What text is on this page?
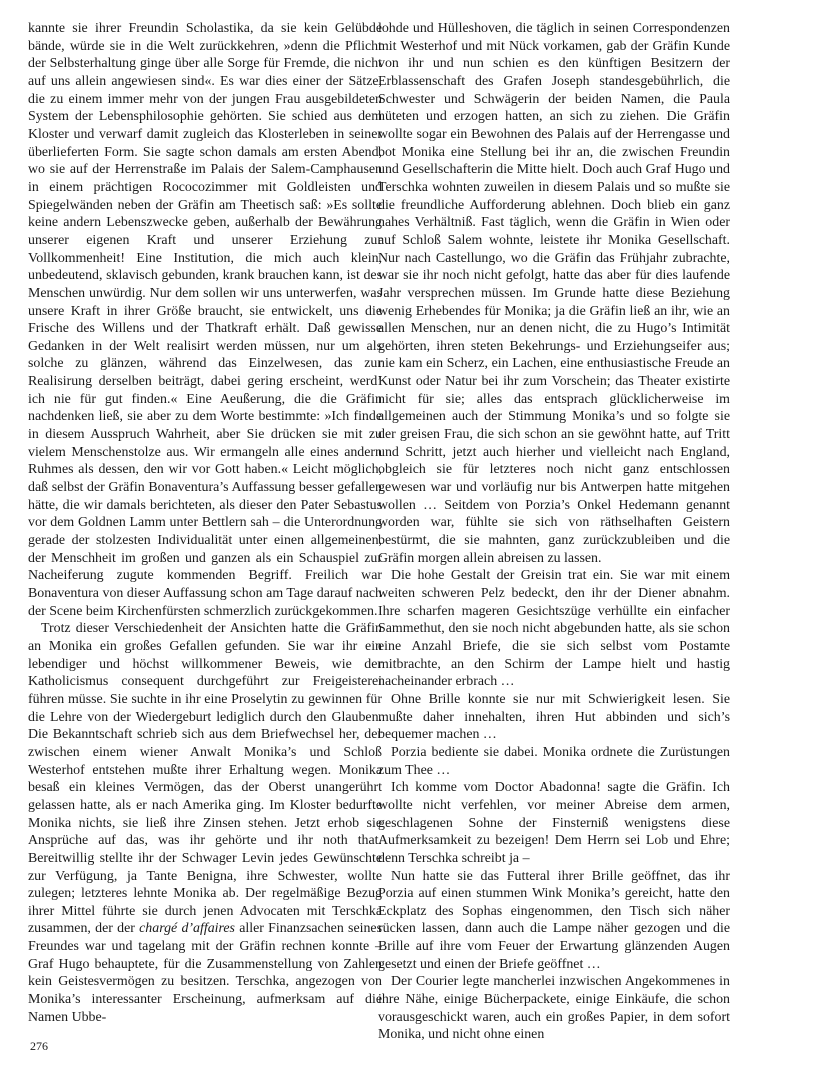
kannte sie ihrer Freundin Scholastika, da sie kein Gelübde bände, würde sie in die Welt zurückkehren, »denn die Pflicht der Selbsterhaltung ginge über alle Sorge für Fremde, die nicht auf uns allein angewiesen sind«. Es war dies einer der Sätze, die zu einem immer mehr von der jungen Frau ausgebildeten System der Lebensphilosophie gehörten. Sie schied aus dem Kloster und verwarf damit zugleich das Klosterleben in seiner überlieferten Form. Sie sagte schon damals am ersten Abend, wo sie auf der Herrenstraße im Palais der Salem-Camphausen in einem prächtigen Rococozimmer mit Goldleisten und Spiegelwänden neben der Gräfin am Theetisch saß: »Es sollte keine andern Lebenszwecke geben, außerhalb der Bewährung unserer eigenen Kraft und unserer Erziehung zur Vollkommenheit! Eine Institution, die mich auch klein, unbedeutend, sklavisch gebunden, krank brauchen kann, ist des Menschen unwürdig. Nur dem sollen wir uns unterwerfen, was unsere Kraft in ihrer Größe braucht, sie entwickelt, uns die Frische des Willens und der Thatkraft erhält. Daß gewisse Gedanken in der Welt realisirt werden müssen, nur um als solche zu glänzen, während das Einzelwesen, das zur Realisirung derselben beiträgt, dabei gering erscheint, werd’ ich nie für gut finden.« Eine Aeußerung, die die Gräfin nachdenken ließ, sie aber zu dem Worte bestimmte: »Ich finde in diesem Ausspruch Wahrheit, aber Sie drücken sie mit zu vielem Menschenstolze aus. Wir ermangeln alle eines andern Ruhmes als dessen, den wir vor Gott haben.« Leicht möglich, daß selbst der Gräfin Bonaventura’s Auffassung besser gefallen hätte, die wir damals berichteten, als dieser den Pater Sebastus vor dem Goldnen Lamm unter Bettlern sah – die Unterordnung gerade der stolzesten Individualität unter einen allgemeinen, der Menschheit im großen und ganzen als ein Schauspiel zur Nacheiferung zugute kommenden Begriff. Freilich war Bonaventura von dieser Auffassung schon am Tage darauf nach der Scene beim Kirchenfürsten schmerzlich zurückgekommen.

Trotz dieser Verschiedenheit der Ansichten hatte die Gräfin an Monika ein großes Gefallen gefunden. Sie war ihr ein lebendiger und höchst willkommener Beweis, wie der Katholicismus consequent durchgeführt zur Freigeisterei führen müsse. Sie suchte in ihr eine Proselytin zu gewinnen für die Lehre von der Wiedergeburt lediglich durch den Glauben. Die Bekanntschaft schrieb sich aus dem Briefwechsel her, der zwischen einem wiener Anwalt Monika’s und Schloß Westerhof entstehen mußte ihrer Erhaltung wegen. Monika besaß ein kleines Vermögen, das der Oberst unangerührt gelassen hatte, als er nach Amerika ging. Im Kloster bedurfte Monika nichts, sie ließ ihre Zinsen stehen. Jetzt erhob sie Ansprüche auf das, was ihr gehörte und ihr noth that. Bereitwillig stellte ihr der Schwager Levin jedes Gewünschte zur Verfügung, ja Tante Benigna, ihre Schwester, wollte zulegen; letzteres lehnte Monika ab. Der regelmäßige Bezug ihrer Mittel führte sie durch jenen Advocaten mit Terschka zusammen, der der chargé d’affaires aller Finanzsachen seines Freundes war und tagelang mit der Gräfin rechnen konnte – Graf Hugo behauptete, für die Zusammenstellung von Zahlen kein Geistesvermögen zu besitzen. Terschka, angezogen von Monika’s interessanter Erscheinung, aufmerksam auf die Namen Ubbe-

lohde und Hülleshoven, die täglich in seinen Correspondenzen mit Westerhof und mit Nück vorkamen, gab der Gräfin Kunde von ihr und nun schien es den künftigen Besitzern der Erblassenschaft des Grafen Joseph standesgebührlich, die Schwester und Schwägerin der beiden Namen, die Paula hüteten und erzogen hatten, an sich zu ziehen. Die Gräfin wollte sogar ein Bewohnen des Palais auf der Herrengasse und bot Monika eine Stellung bei ihr an, die zwischen Freundin und Gesellschafterin die Mitte hielt. Doch auch Graf Hugo und Terschka wohnten zuweilen in diesem Palais und so mußte sie die freundliche Aufforderung ablehnen. Doch blieb ein ganz nahes Verhältniß. Fast täglich, wenn die Gräfin in Wien oder auf Schloß Salem wohnte, leistete ihr Monika Gesellschaft. Nur nach Castellungo, wo die Gräfin das Frühjahr zubrachte, war sie ihr noch nicht gefolgt, hatte das aber für dies laufende Jahr versprechen müssen. Im Grunde hatte diese Beziehung wenig Erhebendes für Monika; ja die Gräfin ließ an ihr, wie an allen Menschen, nur an denen nicht, die zu Hugo’s Intimität gehörten, ihren steten Bekehrungs- und Erziehungseifer aus; nie kam ein Scherz, ein Lachen, eine enthusiastische Freude an Kunst oder Natur bei ihr zum Vorschein; das Theater existirte nicht für sie; alles das entsprach glücklicherweise im allgemeinen auch der Stimmung Monika’s und so folgte sie der greisen Frau, die sich schon an sie gewöhnt hatte, auf Tritt und Schritt, jetzt auch hierher und vielleicht nach England, obgleich sie für letzteres noch nicht ganz entschlossen gewesen war und vorläufig nur bis Antwerpen hatte mitgehen wollen … Seitdem von Porzia’s Onkel Hedemann genannt worden war, fühlte sie sich von räthselhaften Geistern bestürmt, die sie mahnten, ganz zurückzubleiben und die Gräfin morgen allein abreisen zu lassen.

Die hohe Gestalt der Greisin trat ein. Sie war mit einem weiten schweren Pelz bedeckt, den ihr der Diener abnahm. Ihre scharfen mageren Gesichtszüge verhüllte ein einfacher Sammethut, den sie noch nicht abgebunden hatte, als sie schon eine Anzahl Briefe, die sie sich selbst vom Postamte mitbrachte, an den Schirm der Lampe hielt und hastig nacheinander erbrach …

Ohne Brille konnte sie nur mit Schwierigkeit lesen. Sie mußte daher innehalten, ihren Hut abbinden und sich’s bequemer machen …

Porzia bediente sie dabei. Monika ordnete die Zurüstungen zum Thee …

Ich komme vom Doctor Abadonna! sagte die Gräfin. Ich wollte nicht verfehlen, vor meiner Abreise dem armen, geschlagenen Sohne der Finsterniß wenigstens diese Aufmerksamkeit zu bezeigen! Dem Herrn sei Lob und Ehre; denn Terschka schreibt ja –

Nun hatte sie das Futteral ihrer Brille geöffnet, das ihr Porzia auf einen stummen Wink Monika’s gereicht, hatte den Eckplatz des Sophas eingenommen, den Tisch sich näher rücken lassen, dann auch die Lampe näher gezogen und die Brille auf ihre vom Feuer der Erwartung glänzenden Augen gesetzt und einen der Briefe geöffnet …

Der Courier legte mancherlei inzwischen Angekommenes in ihre Nähe, einige Bücherpackete, einige Einkäufe, die schon vorausgeschickt waren, auch ein großes Papier, in dem sofort Monika, und nicht ohne einen

276
